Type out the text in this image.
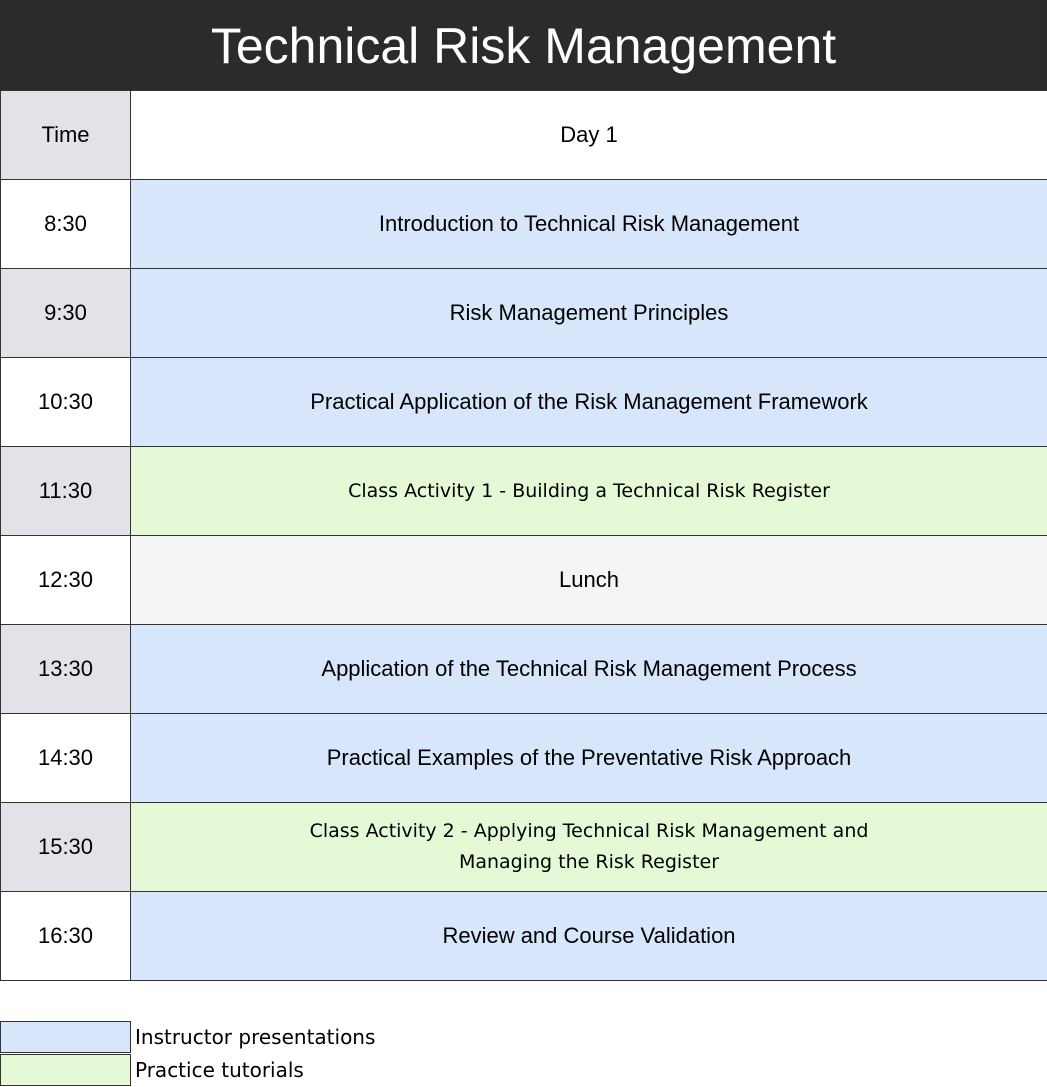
Technical Risk Management
Time	Day 1
8:30	Introduction to Technical Risk Management
9:30	Risk Management Principles
10:30	Practical Application of the Risk Management Framework
11:30	Class Activity 1 - Building a Technical Risk Register
12:30	Lunch
13:30	Application of the Technical Risk Management Process
14:30	Practical Examples of the Preventative Risk Approach
15:30	Class Activity 2 - Applying Technical Risk Management and
Managing the Risk Register

16:30	Review and Course Validation
Instructor presentations
Practice tutorials
